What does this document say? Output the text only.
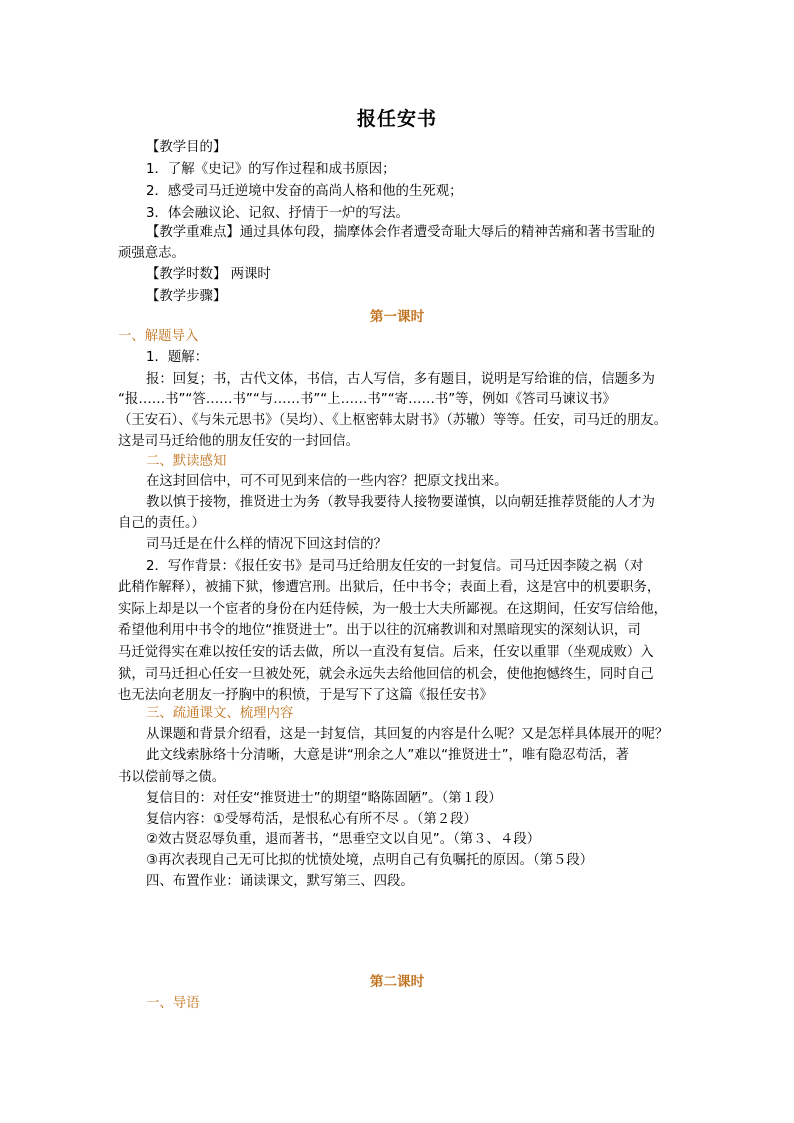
报任安书
【教学目的】
1．了解《史记》的写作过程和成书原因；
2．感受司马迁逆境中发奋的高尚人格和他的生死观；
3．体会融议论、记叙、抒情于一炉的写法。
【教学重难点】通过具体句段，揣摩体会作者遭受奇耻大辱后的精神苦痛和著书雪耻的
顽强意志。
【教学时数】 两课时
【教学步骤】
第一课时
一、解题导入
1．题解：
报：回复；书，古代文体，书信，古人写信，多有题目，说明是写给谁的信，信题多为
“报……书”“答……书”“与……书”“上……书”“寄……书”等，例如《答司马谏议书》
（王安石）、《与朱元思书》（吴均）、《上枢密韩太尉书》（苏辙）等等。任安，司马迁的朋友。
这是司马迁给他的朋友任安的一封回信。
二、默读感知
在这封回信中，可不可见到来信的一些内容？把原文找出来。
教以慎于接物，推贤进士为务（教导我要待人接物要谨慎，以向朝廷推荐贤能的人才为
自己的责任。）
司马迁是在什么样的情况下回这封信的？
2．写作背景：《报任安书》是司马迁给朋友任安的一封复信。司马迁因李陵之祸（对
此稍作解释），被捕下狱，惨遭宫刑。出狱后，任中书令；表面上看，这是宫中的机要职务，
实际上却是以一个宦者的身份在内廷侍候，为一般士大夫所鄙视。在这期间，任安写信给他，
希望他利用中书令的地位“推贤进士”。出于以往的沉痛教训和对黑暗现实的深刻认识，司
马迁觉得实在难以按任安的话去做，所以一直没有复信。后来，任安以重罪（坐观成败）入
狱，司马迁担心任安一旦被处死，就会永远失去给他回信的机会，使他抱憾终生，同时自己
也无法向老朋友一抒胸中的积愤，于是写下了这篇《报任安书》
三、疏通课文、梳理内容
从课题和背景介绍看，这是一封复信，其回复的内容是什么呢？又是怎样具体展开的呢？
此文线索脉络十分清晰，大意是讲“刑余之人”难以“推贤进士”，唯有隐忍苟活，著
书以偿前辱之债。
复信目的：对任安“推贤进士”的期望“略陈固陋”。（第１段）
复信内容：①受辱苟活，是恨私心有所不尽 。（第２段）
②效古贤忍辱负重，退而著书，“思垂空文以自见”。（第３、４段）
③再次表现自己无可比拟的忧愤处境，点明自己有负嘱托的原因。（第５段）
四、布置作业：诵读课文，默写第三、四段。
第二课时
一、导语
